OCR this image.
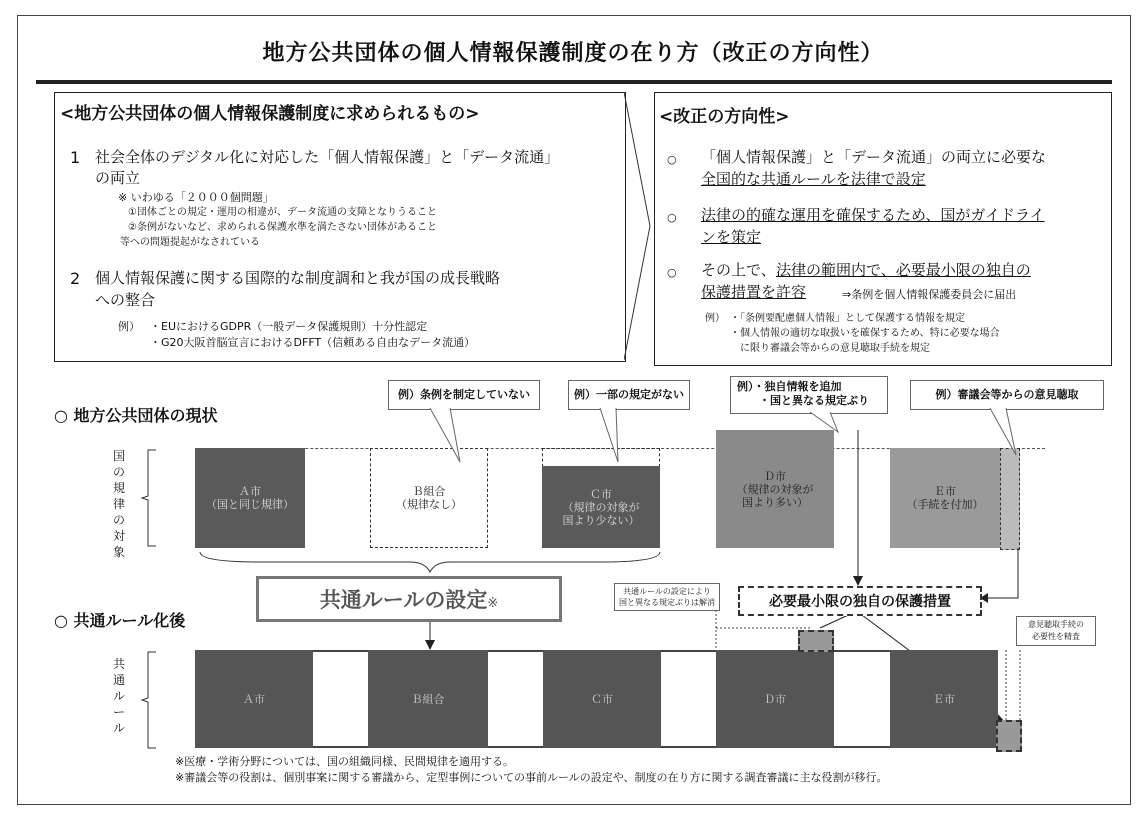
地方公共団体の個人情報保護制度の在り方（改正の方向性）
<地方公共団体の個人情報保護制度に求められるもの>
1 社会全体のデジタル化に対応した「個人情報保護」と「データ流通」
の両立
※ いわゆる「２０００個問題」
①団体ごとの規定・運用の相違が、データ流通の支障となりうること
②条例がないなど、求められる保護水準を満たさない団体があること
等への問題提起がなされている
2 個人情報保護に関する国際的な制度調和と我が国の成長戦略
への整合
例） ・EUにおけるGDPR（一般データ保護規則）十分性認定
・G20大阪首脳宣言におけるDFFT（信頼ある自由なデータ流通）
<改正の方向性>
○ 「個人情報保護」と「データ流通」の両立に必要な
全国的な共通ルールを法律で設定
○ 法律の的確な運用を確保するため、国がガイドライ
ンを策定
○ その上で、 法律の範囲内で、必要最小限の独自の
保護措置を許容	⇒条例を個人情報保護委員会に届出
例） ・「条例要配慮個人情報」として保護する情報を規定
・個人情報の適切な取扱いを確保するため、特に必要な場合
に限り審議会等からの意見聴取手続を規定
○ 地方公共団体の現状
国の規律の対象
Ａ市
（国と同じ規律）
Ｂ組合
（規律なし）
Ｃ市
（規律の対象が
国より少ない）
Ｄ市
（規律の対象が
国より多い）
Ｅ市
（手続を付加）
例）条例を制定していない	例）一部の規定がない
例）・独自情報を追加
・国と異なる規定ぶり	例）審議会等からの意見聴取
共通ルールの設定 ※	必要最小限の独自の保護措置
共通ルールの設定により
国と異なる規定ぶりは解消
意見聴取手続の
必要性を精査
○ 共通ルール化後
共通ルール
Ａ市	Ｂ組合	Ｃ市	Ｄ市	Ｅ市
※医療・学術分野については、国の組織同様、民間規律を適用する。
※審議会等の役割は、個別事案に関する審議から、定型事例についての事前ルールの設定や、制度の在り方に関する調査審議に主な役割が移行。
